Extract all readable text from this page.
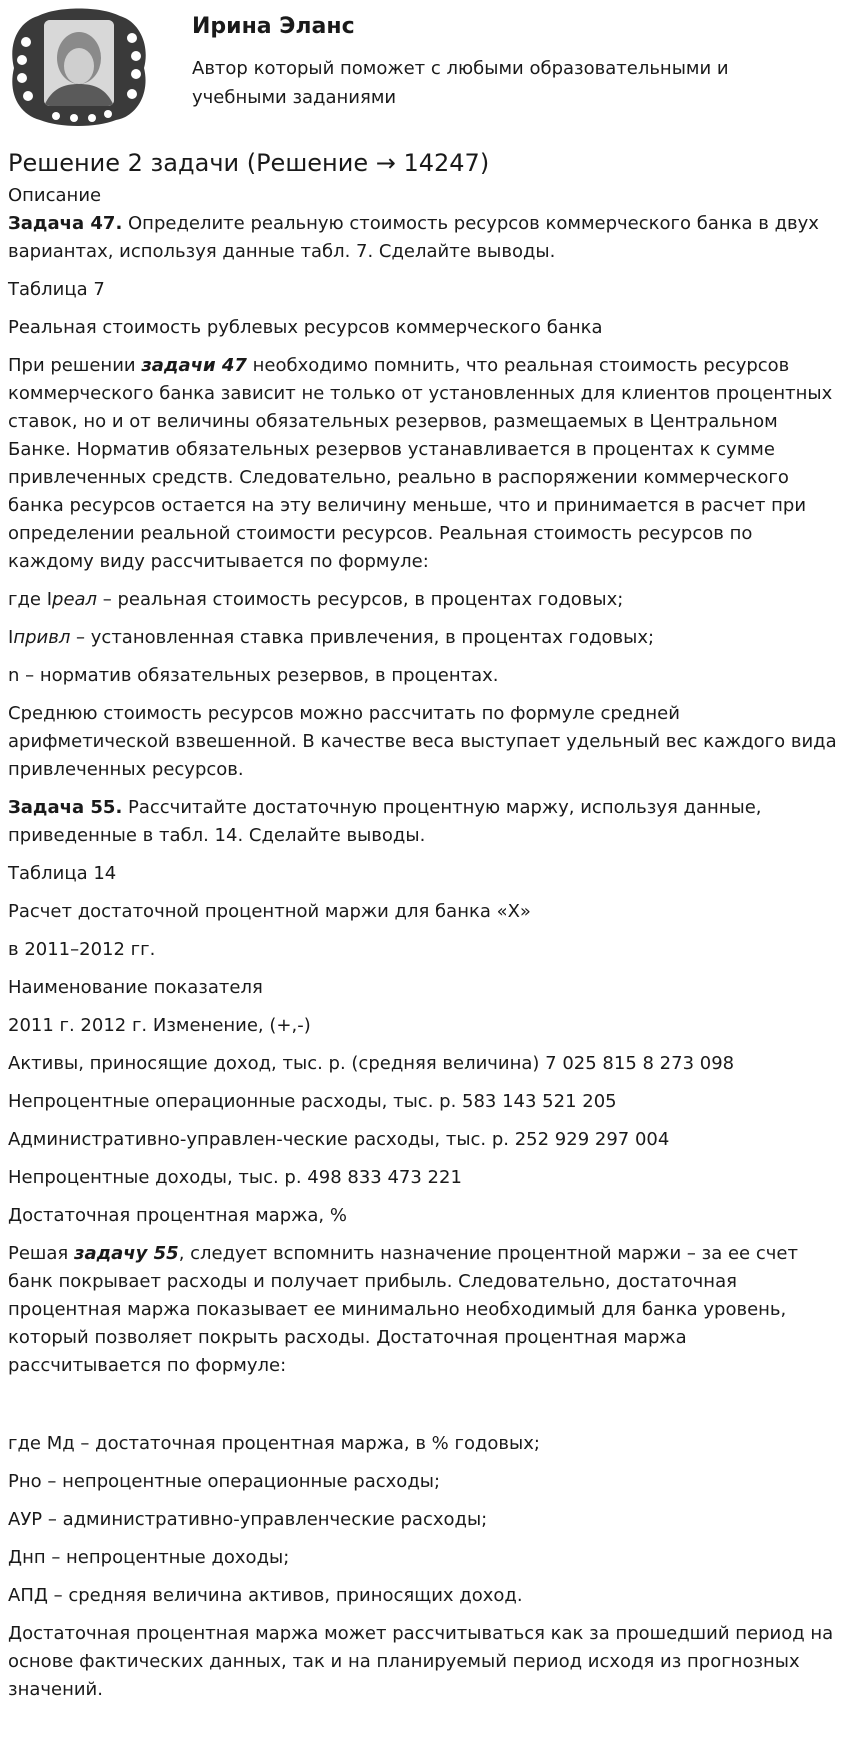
Ирина Эланс

Автор который поможет с любыми образовательными и учебными заданиями

Решение 2 задачи (Решение → 14247)

Описание

Задача 47. Определите реальную стоимость ресурсов коммерческого банка в двух вариантах, используя данные табл. 7. Сделайте выводы.

Таблица 7

Реальная стоимость рублевых ресурсов коммерческого банка

При решении задачи 47 необходимо помнить, что реальная стоимость ресурсов коммерческого банка зависит не только от установленных для клиентов процентных ставок, но и от величины обязательных резервов, размещаемых в Центральном Банке. Норматив обязательных резервов устанавливается в процентах к сумме привлеченных средств. Следовательно, реально в распоряжении коммерческого банка ресурсов остается на эту величину меньше, что и принимается в расчет при определении реальной стоимости ресурсов. Реальная стоимость ресурсов по каждому виду рассчитывается по формуле:

где Iреал – реальная стоимость ресурсов, в процентах годовых;

Iпривл – установленная ставка привлечения, в процентах годовых;

n – норматив обязательных резервов, в процентах.

Среднюю стоимость ресурсов можно рассчитать по формуле средней арифметической взвешенной. В качестве веса выступает удельный вес каждого вида привлеченных ресурсов.

Задача 55. Рассчитайте достаточную процентную маржу, используя данные, приведенные в табл. 14. Сделайте выводы.

Таблица 14

Расчет достаточной процентной маржи для банка «Х»

в 2011–2012 гг.

Наименование показателя

2011 г. 2012 г. Изменение, (+,-)

Активы, приносящие доход, тыс. р. (средняя величина) 7 025 815 8 273 098

Непроцентные операционные расходы, тыс. р. 583 143 521 205

Административно-управлен-ческие расходы, тыс. р. 252 929 297 004

Непроцентные доходы, тыс. р. 498 833 473 221

Достаточная процентная маржа, %

Решая задачу 55, следует вспомнить назначение процентной маржи – за ее счет банк покрывает расходы и получает прибыль. Следовательно, достаточная процентная маржа показывает ее минимально необходимый для банка уровень, который позволяет покрыть расходы. Достаточная процентная маржа рассчитывается по формуле:

где Мд – достаточная процентная маржа, в % годовых;

Рно – непроцентные операционные расходы;

АУР – административно-управленческие расходы;

Днп – непроцентные доходы;

АПД – средняя величина активов, приносящих доход.

Достаточная процентная маржа может рассчитываться как за прошедший период на основе фактических данных, так и на планируемый период исходя из прогнозных значений.
